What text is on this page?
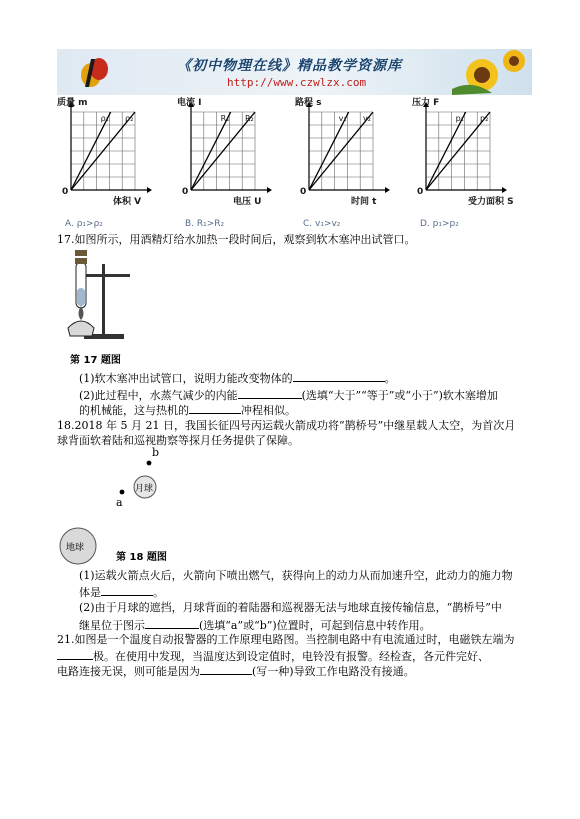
《初中物理在线》精品教学资源库
http://www.czwlzx.com
质量 m
ρ₁ ρ₂
0
体积 V
A. ρ₁>ρ₂
电流 I
R₁ R₂
0
电压 U
B. R₁>R₂
路程 s
v₁ v₂
0
时间 t
C. v₁>v₂
压力 F
p₁ p₂
0
受力面积 S
D. p₁>p₂
17.如图所示，用酒精灯给水加热一段时间后，观察到软木塞冲出试管口。
第 17 题图
(1)软木塞冲出试管口，说明力能改变物体的	。
(2)此过程中，水蒸气减少的内能	(选填“大于”“等于”或“小于”)软木塞增加
的机械能，这与热机的	冲程相似。
18.2018 年 5 月 21 日，我国长征四号丙运载火箭成功将“鹊桥号”中继星载人太空，为首次月
球背面软着陆和巡视勘察等探月任务提供了保障。
b
a
月球
地球
第 18 题图
(1)运载火箭点火后，火箭向下喷出燃气，获得向上的动力从而加速升空，此动力的施力物
体是	。
(2)由于月球的遮挡，月球背面的着陆器和巡视器无法与地球直接传输信息，“鹊桥号”中
继星位于图示	(选填“a”或“b”)位置时，可起到信息中转作用。
21.如图是一个温度自动报警器的工作原理电路图。当控制电路中有电流通过时，电磁铁左端为
极。在使用中发现，当温度达到设定值时，电铃没有报警。经检查，各元件完好、
电路连接无误，则可能是因为	(写一种)导致工作电路没有接通。
